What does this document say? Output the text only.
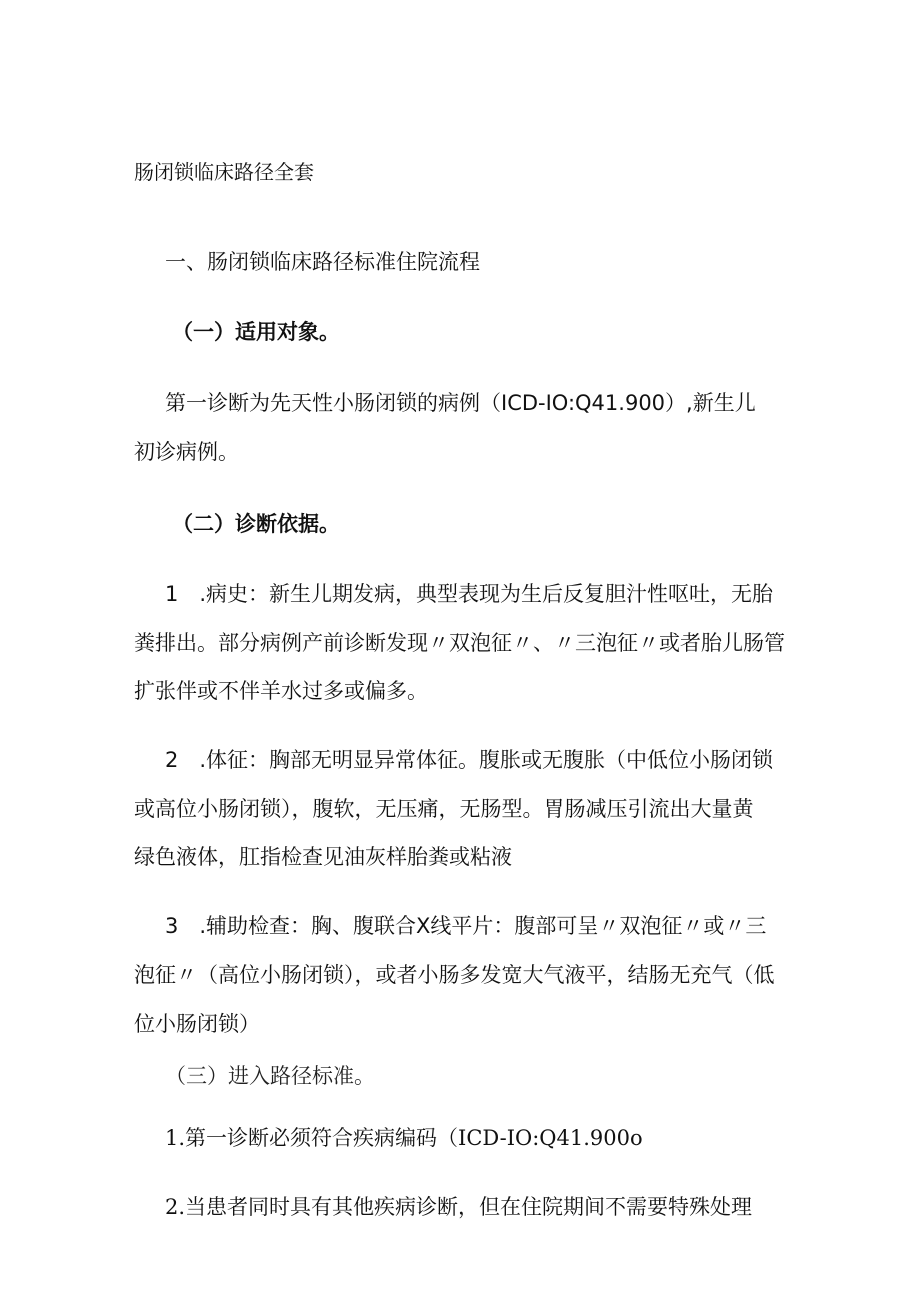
肠闭锁临床路径全套
一、肠闭锁临床路径标准住院流程
（一）适用对象。
第一诊断为先天性小肠闭锁的病例（ICD-IO:Q41.900）,新生儿
初诊病例。
（二）诊断依据。
1　.病史：新生儿期发病，典型表现为生后反复胆汁性呕吐，无胎
粪排出。部分病例产前诊断发现〃双泡征〃、〃三泡征〃或者胎儿肠管
扩张伴或不伴羊水过多或偏多。
2　.体征：胸部无明显异常体征。腹胀或无腹胀（中低位小肠闭锁
或高位小肠闭锁），腹软，无压痛，无肠型。胃肠减压引流出大量黄
绿色液体，肛指检查见油灰样胎粪或粘液
3　.辅助检查：胸、腹联合X线平片：腹部可呈〃双泡征〃或〃三
泡征〃（高位小肠闭锁），或者小肠多发宽大气液平，结肠无充气（低
位小肠闭锁）
（三）进入路径标准。
1.第一诊断必须符合疾病编码（ICD-IO:Q41.900o
2.当患者同时具有其他疾病诊断，但在住院期间不需要特殊处理
